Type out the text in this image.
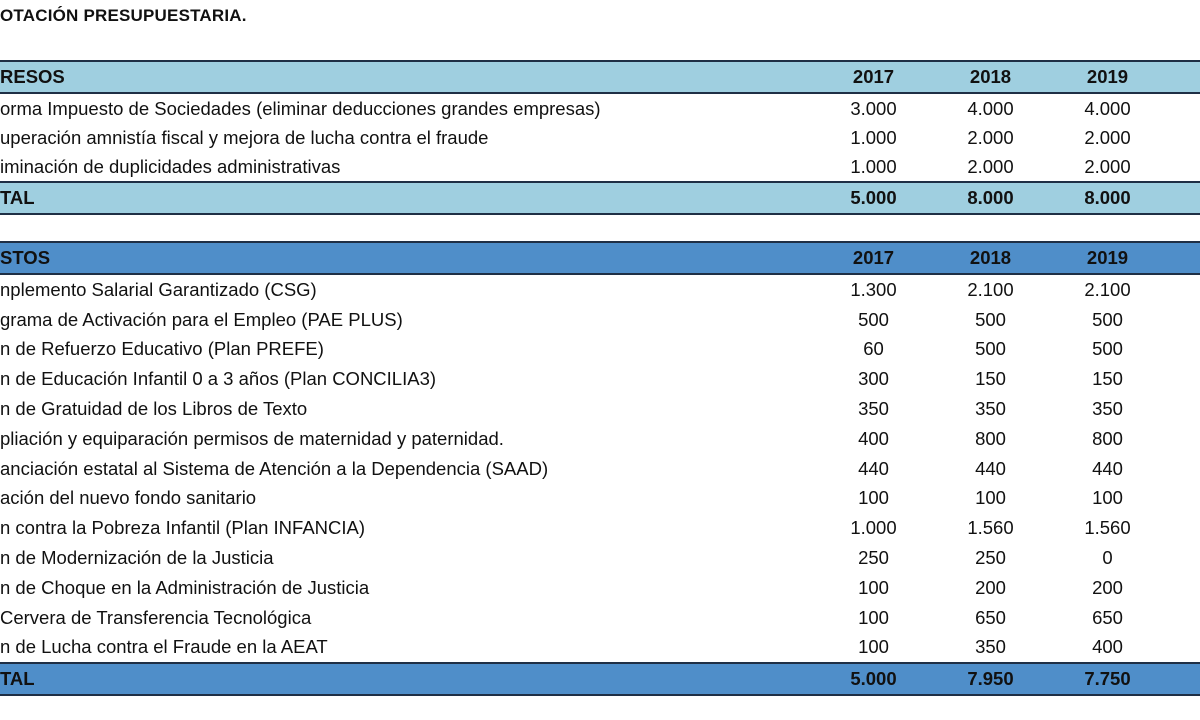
OTACIÓN PRESUPUESTARIA.
RESOS	2017	2018	2019	
orma Impuesto de Sociedades (eliminar deducciones grandes empresas)	3.000	4.000	4.000	
uperación amnistía fiscal y mejora de lucha contra el fraude	1.000	2.000	2.000	
iminación de duplicidades administrativas	1.000	2.000	2.000	
TAL	5.000	8.000	8.000	
STOS	2017	2018	2019	
nplemento Salarial Garantizado (CSG)	1.300	2.100	2.100	
grama de Activación para el Empleo (PAE PLUS)	500	500	500	
n de Refuerzo Educativo (Plan PREFE)	60	500	500	
n de Educación Infantil 0 a 3 años (Plan CONCILIA3)	300	150	150	
n de Gratuidad de los Libros de Texto	350	350	350	
pliación y equiparación permisos de maternidad y paternidad.	400	800	800	
anciación estatal al Sistema de Atención a la Dependencia (SAAD)	440	440	440	
ación del nuevo fondo sanitario	100	100	100	
n contra la Pobreza Infantil (Plan INFANCIA)	1.000	1.560	1.560	
n de Modernización de la Justicia	250	250	0	
n de Choque en la Administración de Justicia	100	200	200	
Cervera de Transferencia Tecnológica	100	650	650	
n de Lucha contra el Fraude en la AEAT	100	350	400	
TAL	5.000	7.950	7.750	
